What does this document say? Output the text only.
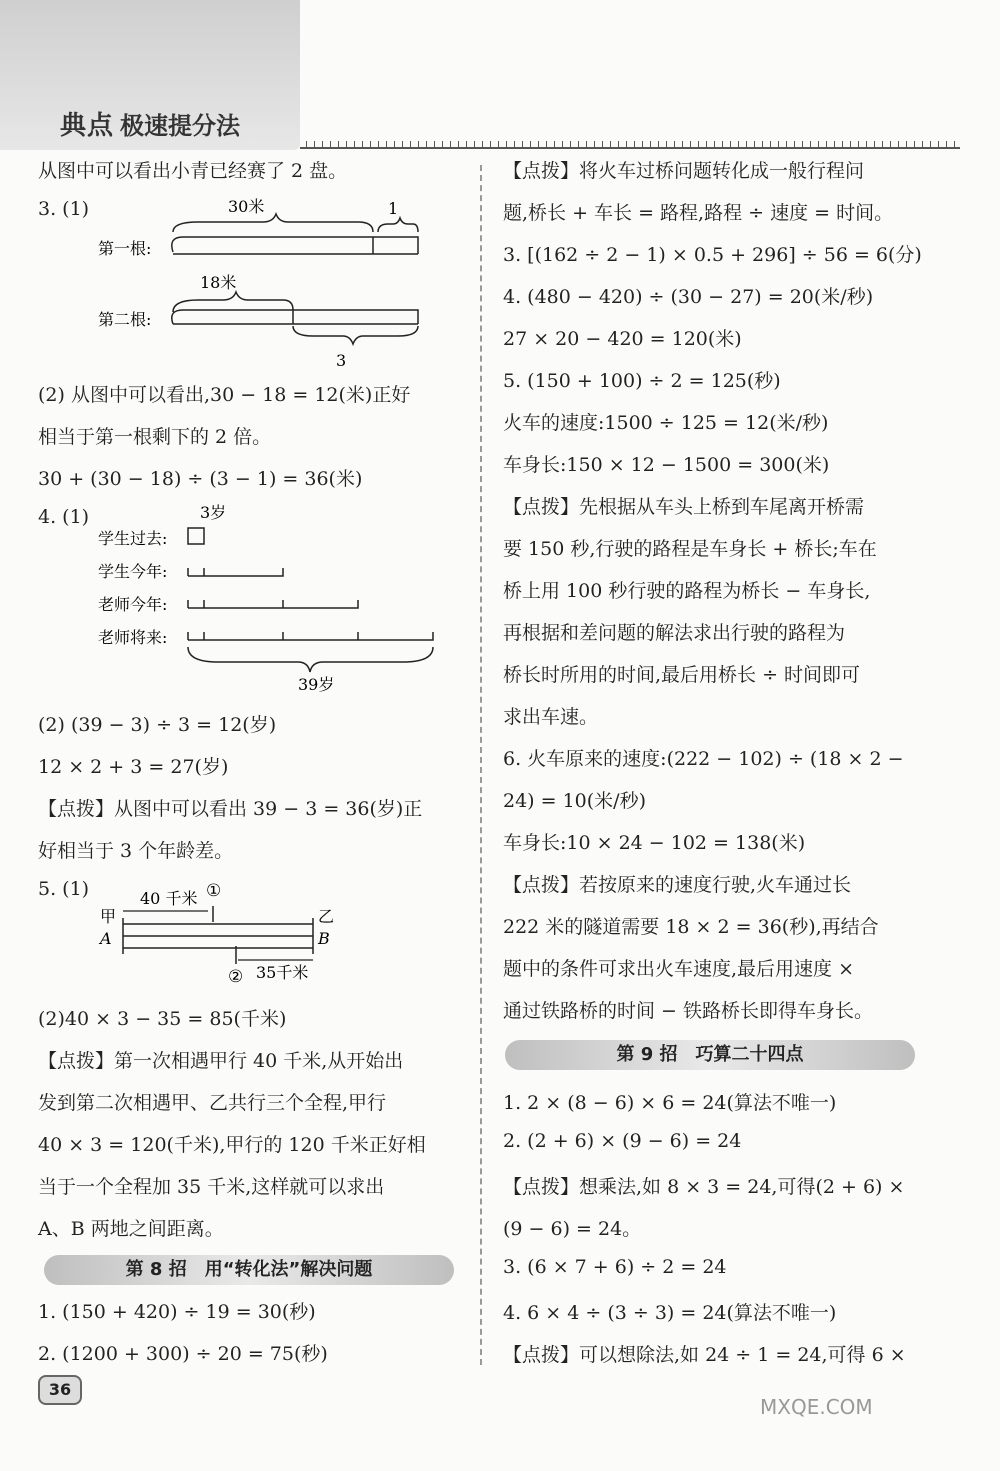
典点 极速提分法
从图中可以看出小青已经赛了 2 盘。
3. (1)	30米	1
第一根:
18米
第二根:
3
(2) 从图中可以看出,30 − 18 = 12(米)正好
相当于第一根剩下的 2 倍。
30 + (30 − 18) ÷ (3 − 1) = 36(米)
4. (1)	3岁
学生过去:
学生今年:
老师今年:
老师将来:
39岁
(2) (39 − 3) ÷ 3 = 12(岁)
12 × 2 + 3 = 27(岁)
【点拨】从图中可以看出 39 − 3 = 36(岁)正
好相当于 3 个年龄差。
5. (1)	40 千米 ①
甲	乙
A	B
② 35千米
(2)40 × 3 − 35 = 85(千米)
【点拨】第一次相遇甲行 40 千米,从开始出
发到第二次相遇甲、乙共行三个全程,甲行
40 × 3 = 120(千米),甲行的 120 千米正好相
当于一个全程加 35 千米,这样就可以求出
A、B 两地之间距离。
第 8 招　用“转化法”解决问题
1. (150 + 420) ÷ 19 = 30(秒)
2. (1200 + 300) ÷ 20 = 75(秒)
【点拨】将火车过桥问题转化成一般行程问
题,桥长 + 车长 = 路程,路程 ÷ 速度 = 时间。
3. [(162 ÷ 2 − 1) × 0.5 + 296] ÷ 56 = 6(分)
4. (480 − 420) ÷ (30 − 27) = 20(米/秒)
27 × 20 − 420 = 120(米)
5. (150 + 100) ÷ 2 = 125(秒)
火车的速度:1500 ÷ 125 = 12(米/秒)
车身长:150 × 12 − 1500 = 300(米)
【点拨】先根据从车头上桥到车尾离开桥需
要 150 秒,行驶的路程是车身长 + 桥长;车在
桥上用 100 秒行驶的路程为桥长 − 车身长,
再根据和差问题的解法求出行驶的路程为
桥长时所用的时间,最后用桥长 ÷ 时间即可
求出车速。
6. 火车原来的速度:(222 − 102) ÷ (18 × 2 −
24) = 10(米/秒)
车身长:10 × 24 − 102 = 138(米)
【点拨】若按原来的速度行驶,火车通过长
222 米的隧道需要 18 × 2 = 36(秒),再结合
题中的条件可求出火车速度,最后用速度 ×
通过铁路桥的时间 − 铁路桥长即得车身长。
第 9 招　巧算二十四点
1. 2 × (8 − 6) × 6 = 24(算法不唯一)
2. (2 + 6) × (9 − 6) = 24
【点拨】想乘法,如 8 × 3 = 24,可得(2 + 6) ×
(9 − 6) = 24。
3. (6 × 7 + 6) ÷ 2 = 24
4. 6 × 4 ÷ (3 ÷ 3) = 24(算法不唯一)
【点拨】可以想除法,如 24 ÷ 1 = 24,可得 6 ×
36
MXQE.COM
